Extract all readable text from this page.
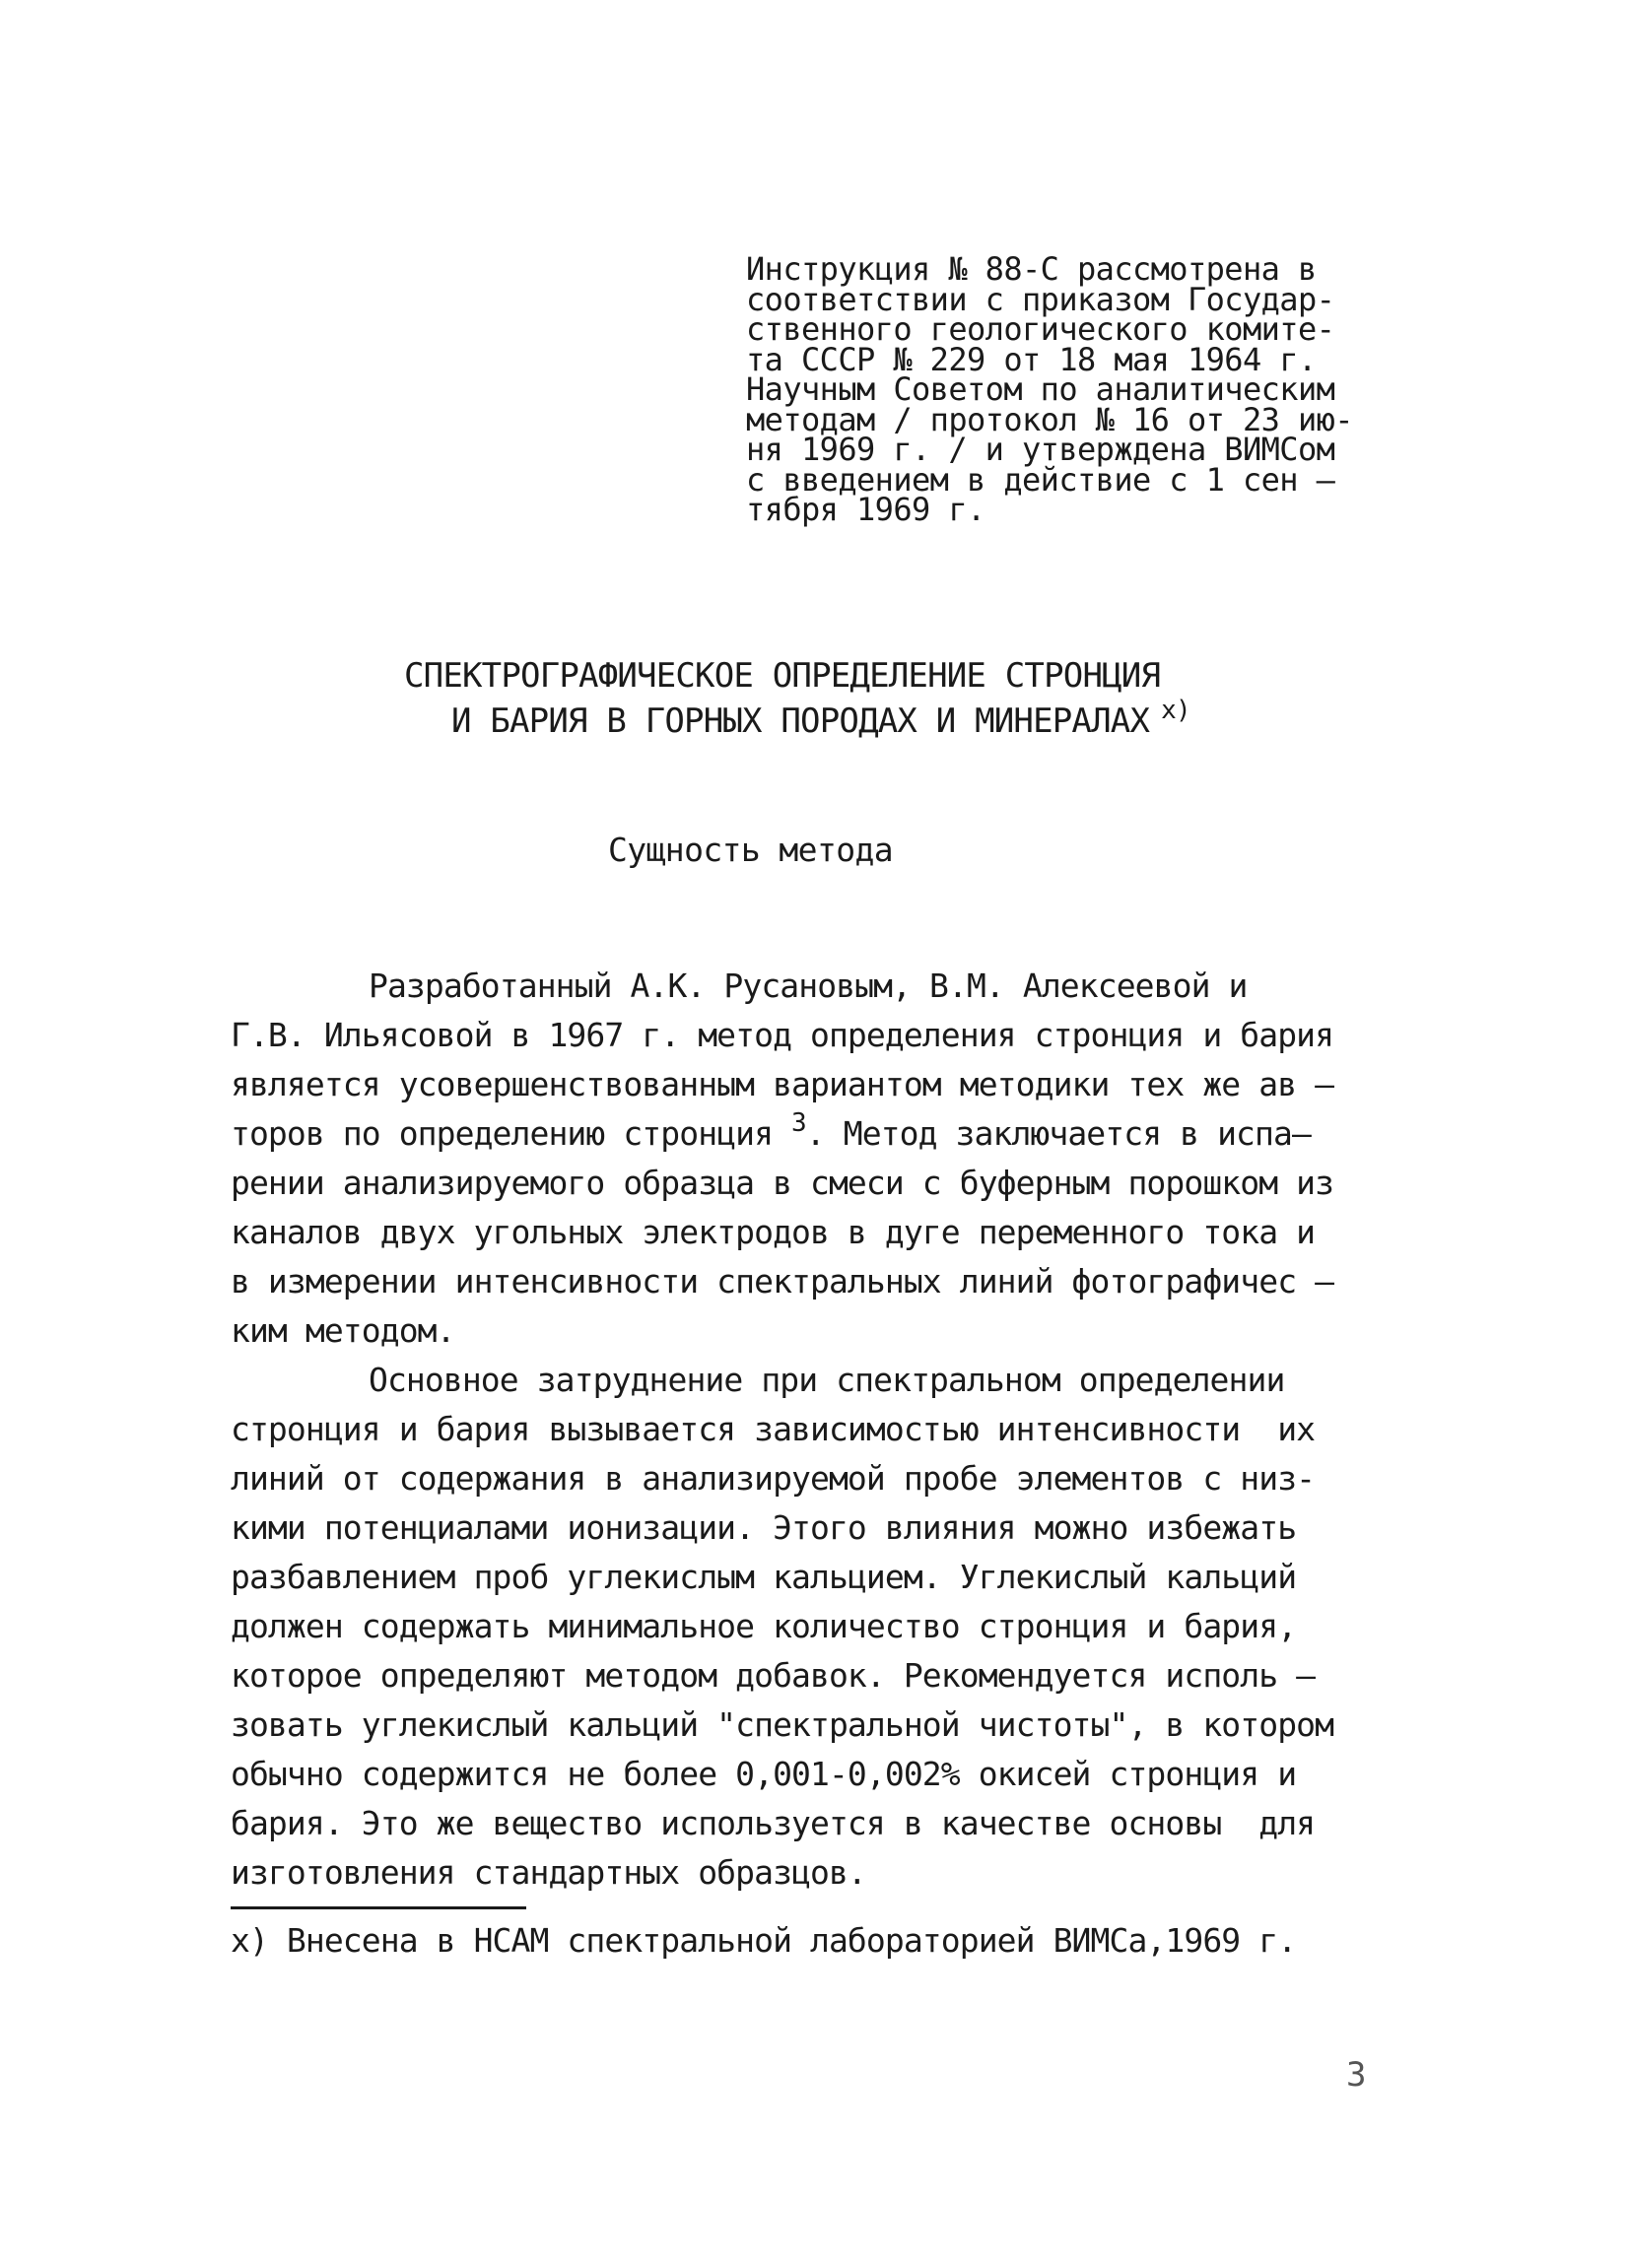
Инструкция № 88-С рассмотрена в
соответствии с приказом Государ-
ственного геологического комите-
та СССР № 229 от 18 мая 1964 г.
Научным Советом по аналитическим
методам / протокол № 16 от 23 ию-
ня 1969 г. / и утверждена ВИМСом
с введением в действие с 1 сен –
тября 1969 г.
СПЕКТРОГРАФИЧЕСКОЕ ОПРЕДЕЛЕНИЕ СТРОНЦИЯ
И БАРИЯ В ГОРНЫХ ПОРОДАХ И МИНЕРАЛАХ $^{х)}$
Сущность метода
Разработанный А.К. Русановым, В.М. Алексеевой и
Г.В. Ильясовой в 1967 г. метод определения стронция и бария
является усовершенствованным вариантом методики тех же ав –
торов по определению стронция $^3$. Метод заключается в испа–
рении анализируемого образца в смеси с буферным порошком из
каналов двух угольных электродов в дуге переменного тока и
в измерении интенсивности спектральных линий фотографичес –
ким методом.
Основное затруднение при спектральном определении
стронция и бария вызывается зависимостью интенсивности  их
линий от содержания в анализируемой пробе элементов с низ-
кими потенциалами ионизации. Этого влияния можно избежать
разбавлением проб углекислым кальцием. Углекислый кальций
должен содержать минимальное количество стронция и бария,
которое определяют методом добавок. Рекомендуется исполь –
зовать углекислый кальций "спектральной чистоты", в котором
обычно содержится не более 0,001-0,002% окисей стронция и
бария. Это же вещество используется в качестве основы  для
изготовления стандартных образцов.
х) Внесена в НСАМ спектральной лабораторией ВИМСа,1969 г.
3
